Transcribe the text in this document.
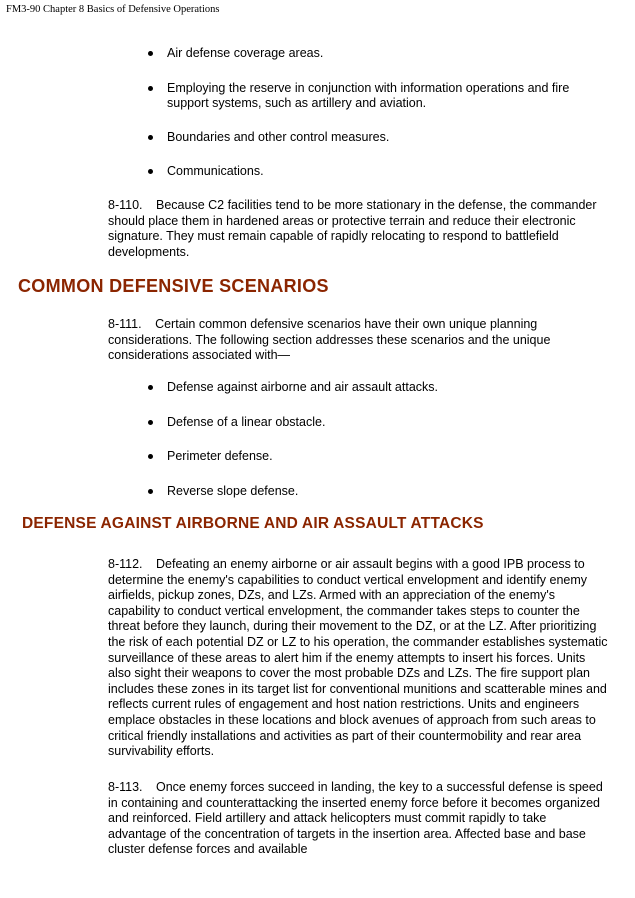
FM3-90 Chapter 8 Basics of Defensive Operations
Air defense coverage areas.
Employing the reserve in conjunction with information operations and fire support systems, such as artillery and aviation.
Boundaries and other control measures.
Communications.
8-110. Because C2 facilities tend to be more stationary in the defense, the commander should place them in hardened areas or protective terrain and reduce their electronic signature. They must remain capable of rapidly relocating to respond to battlefield developments.
COMMON DEFENSIVE SCENARIOS
8-111. Certain common defensive scenarios have their own unique planning considerations. The following section addresses these scenarios and the unique considerations associated with—
Defense against airborne and air assault attacks.
Defense of a linear obstacle.
Perimeter defense.
Reverse slope defense.
DEFENSE AGAINST AIRBORNE AND AIR ASSAULT ATTACKS
8-112. Defeating an enemy airborne or air assault begins with a good IPB process to determine the enemy's capabilities to conduct vertical envelopment and identify enemy airfields, pickup zones, DZs, and LZs. Armed with an appreciation of the enemy's capability to conduct vertical envelopment, the commander takes steps to counter the threat before they launch, during their movement to the DZ, or at the LZ. After prioritizing the risk of each potential DZ or LZ to his operation, the commander establishes systematic surveillance of these areas to alert him if the enemy attempts to insert his forces. Units also sight their weapons to cover the most probable DZs and LZs. The fire support plan includes these zones in its target list for conventional munitions and scatterable mines and reflects current rules of engagement and host nation restrictions. Units and engineers emplace obstacles in these locations and block avenues of approach from such areas to critical friendly installations and activities as part of their countermobility and rear area survivability efforts.
8-113. Once enemy forces succeed in landing, the key to a successful defense is speed in containing and counterattacking the inserted enemy force before it becomes organized and reinforced. Field artillery and attack helicopters must commit rapidly to take advantage of the concentration of targets in the insertion area. Affected base and base cluster defense forces and available
